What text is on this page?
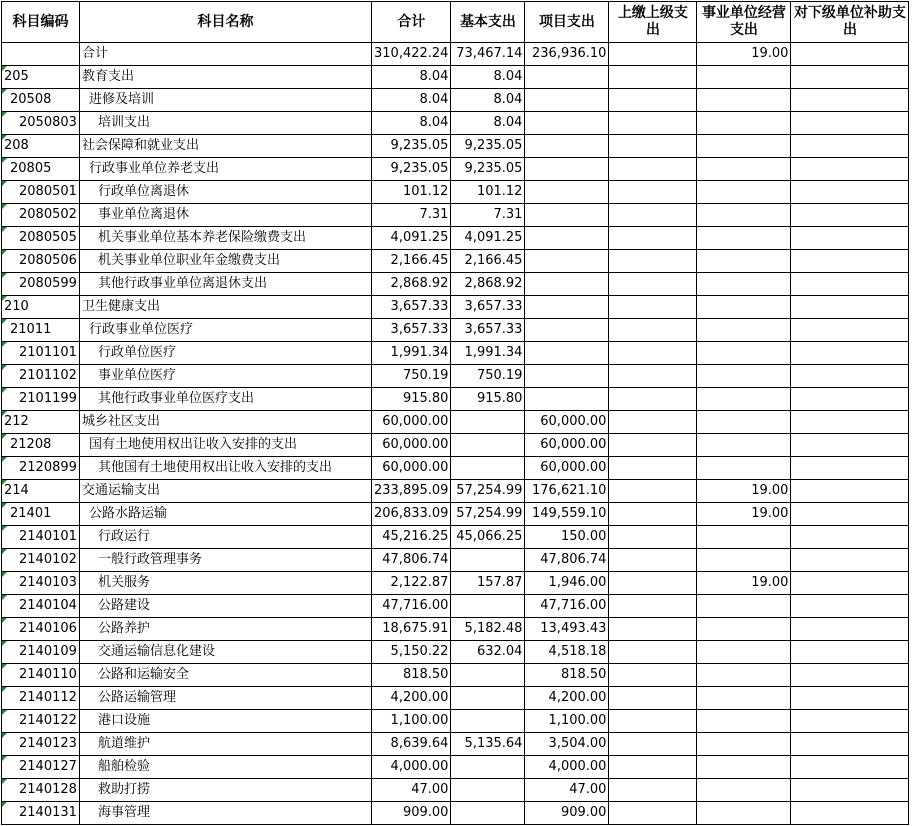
科目编码	科目名称	合计	基本支出	项目支出	上缴上级支出	事业单位经营支出	对下级单位补助支出
	合计	310,422.24	73,467.14	236,936.10		19.00	
205	教育支出	8.04	8.04				
20508	进修及培训	8.04	8.04				
2050803	培训支出	8.04	8.04				
208	社会保障和就业支出	9,235.05	9,235.05				
20805	行政事业单位养老支出	9,235.05	9,235.05				
2080501	行政单位离退休	101.12	101.12				
2080502	事业单位离退休	7.31	7.31				
2080505	机关事业单位基本养老保险缴费支出	4,091.25	4,091.25				
2080506	机关事业单位职业年金缴费支出	2,166.45	2,166.45				
2080599	其他行政事业单位离退休支出	2,868.92	2,868.92				
210	卫生健康支出	3,657.33	3,657.33				
21011	行政事业单位医疗	3,657.33	3,657.33				
2101101	行政单位医疗	1,991.34	1,991.34				
2101102	事业单位医疗	750.19	750.19				
2101199	其他行政事业单位医疗支出	915.80	915.80				
212	城乡社区支出	60,000.00		60,000.00			
21208	国有土地使用权出让收入安排的支出	60,000.00		60,000.00			
2120899	其他国有土地使用权出让收入安排的支出	60,000.00		60,000.00			
214	交通运输支出	233,895.09	57,254.99	176,621.10		19.00	
21401	公路水路运输	206,833.09	57,254.99	149,559.10		19.00	
2140101	行政运行	45,216.25	45,066.25	150.00			
2140102	一般行政管理事务	47,806.74		47,806.74			
2140103	机关服务	2,122.87	157.87	1,946.00		19.00	
2140104	公路建设	47,716.00		47,716.00			
2140106	公路养护	18,675.91	5,182.48	13,493.43			
2140109	交通运输信息化建设	5,150.22	632.04	4,518.18			
2140110	公路和运输安全	818.50		818.50			
2140112	公路运输管理	4,200.00		4,200.00			
2140122	港口设施	1,100.00		1,100.00			
2140123	航道维护	8,639.64	5,135.64	3,504.00			
2140127	船舶检验	4,000.00		4,000.00			
2140128	救助打捞	47.00		47.00			
2140131	海事管理	909.00		909.00			
